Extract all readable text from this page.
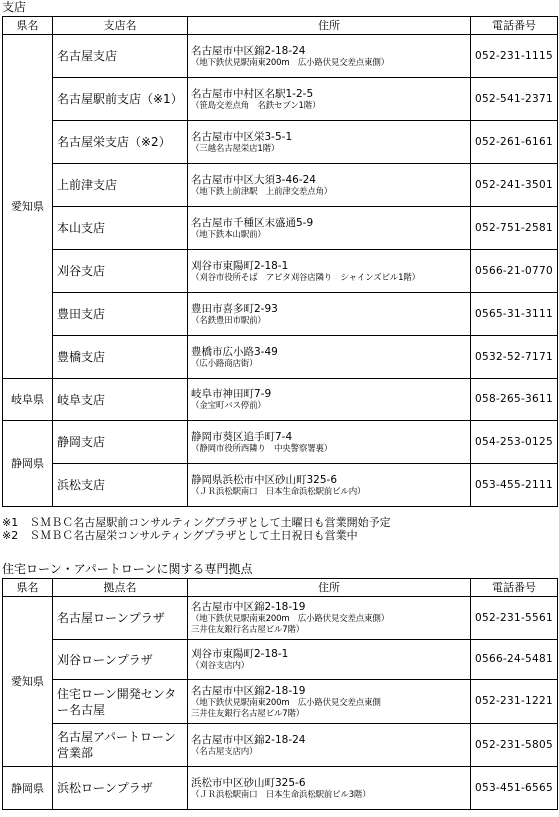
支店
県名	支店名	住所	電話番号
愛知県	名古屋支店	名古屋市中区錦2-18-24
（地下鉄伏見駅南東200m　広小路伏見交差点東側）	052-231-1115
	名古屋駅前支店（※1）	名古屋市中村区名駅1-2-5
（笹島交差点角　名鉄セブン1階）	052-541-2371
	名古屋栄支店（※2）	名古屋市中区栄3-5-1
（三越名古屋栄店1階）	052-261-6161
	上前津支店	名古屋市中区大須3-46-24
（地下鉄上前津駅　上前津交差点角）	052-241-3501
	本山支店	名古屋市千種区末盛通5-9
（地下鉄本山駅前）	052-751-2581
	刈谷支店	刈谷市東陽町2-18-1
（刈谷市役所そば　アピタ刈谷店隣り　シャインズビル1階）	0566-21-0770
	豊田支店	豊田市喜多町2-93
（名鉄豊田市駅前）	0565-31-3111
	豊橋支店	豊橋市広小路3-49
（広小路商店街）	0532-52-7171
岐阜県	岐阜支店	岐阜市神田町7-9
（金宝町バス停前）	058-265-3611
静岡県	静岡支店	静岡市葵区追手町7-4
（静岡市役所西隣り　中央警察署裏）	054-253-0125
	浜松支店	静岡県浜松市中区砂山町325-6
（ＪＲ浜松駅南口　日本生命浜松駅前ビル内）	053-455-2111
※1　ＳＭＢＣ名古屋駅前コンサルティングプラザとして土曜日も営業開始予定
※2　ＳＭＢＣ名古屋栄コンサルティングプラザとして土日祝日も営業中
住宅ローン・アパートローンに関する専門拠点
県名	拠点名	住所	電話番号
愛知県	名古屋ローンプラザ	名古屋市中区錦2-18-19
（地下鉄伏見駅南東200m　広小路伏見交差点東側）
三井住友銀行名古屋ビル7階）	052-231-5561
	刈谷ローンプラザ	刈谷市東陽町2-18-1
（刈谷支店内）	0566-24-5481
	住宅ローン開発センター名古屋	名古屋市中区錦2-18-19
（地下鉄伏見駅南東200m　広小路伏見交差点東側
三井住友銀行名古屋ビル7階）	052-231-1221
	名古屋アパートローン営業部	名古屋市中区錦2-18-24
（名古屋支店内）	052-231-5805
静岡県	浜松ローンプラザ	浜松市中区砂山町325-6
（ＪＲ浜松駅南口　日本生命浜松駅前ビル3階）	053-451-6565
